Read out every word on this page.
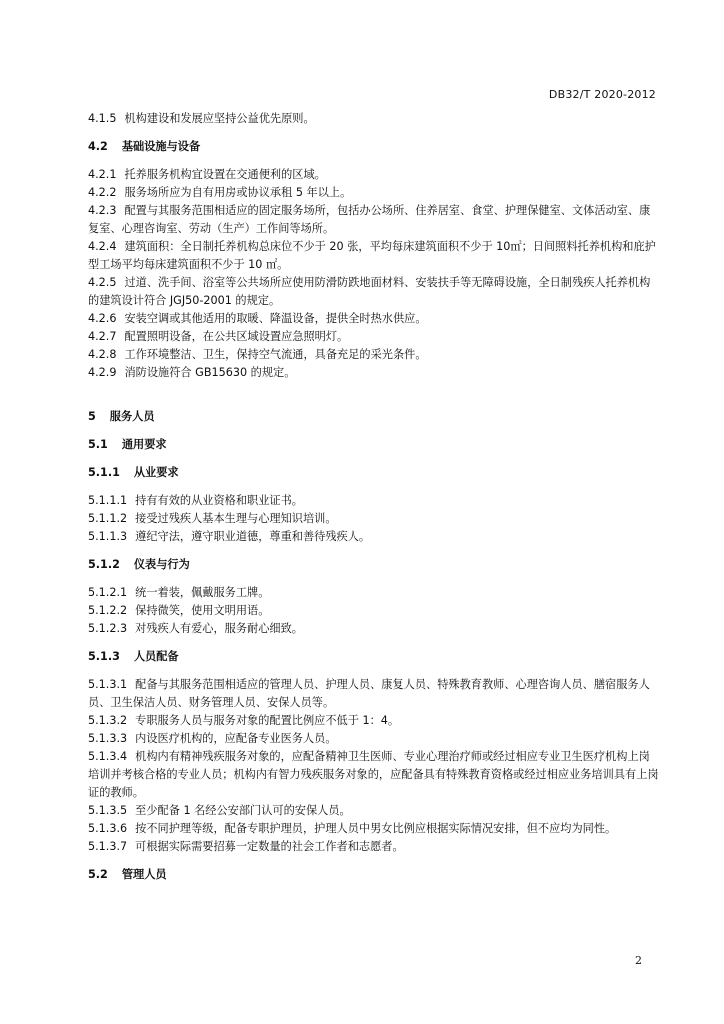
DB32/T 2020-2012
4.1.5 机构建设和发展应坚持公益优先原则。
4.2 基础设施与设备
4.2.1 托养服务机构宜设置在交通便利的区域。
4.2.2 服务场所应为自有用房或协议承租 5 年以上。
4.2.3 配置与其服务范围相适应的固定服务场所，包括办公场所、住养居室、食堂、护理保健室、文体活动室、康复室、心理咨询室、劳动（生产）工作间等场所。
4.2.4 建筑面积：全日制托养机构总床位不少于 20 张，平均每床建筑面积不少于 10㎡；日间照料托养机构和庇护型工场平均每床建筑面积不少于 10 ㎡。
4.2.5 过道、洗手间、浴室等公共场所应使用防滑防跌地面材料、安装扶手等无障碍设施，全日制残疾人托养机构的建筑设计符合 JGJ50-2001 的规定。
4.2.6 安装空调或其他适用的取暖、降温设备，提供全时热水供应。
4.2.7 配置照明设备，在公共区域设置应急照明灯。
4.2.8 工作环境整洁、卫生，保持空气流通，具备充足的采光条件。
4.2.9 消防设施符合 GB15630 的规定。
5 服务人员
5.1 通用要求
5.1.1 从业要求
5.1.1.1 持有有效的从业资格和职业证书。
5.1.1.2 接受过残疾人基本生理与心理知识培训。
5.1.1.3 遵纪守法，遵守职业道德，尊重和善待残疾人。
5.1.2 仪表与行为
5.1.2.1 统一着装，佩戴服务工牌。
5.1.2.2 保持微笑，使用文明用语。
5.1.2.3 对残疾人有爱心，服务耐心细致。
5.1.3 人员配备
5.1.3.1 配备与其服务范围相适应的管理人员、护理人员、康复人员、特殊教育教师、心理咨询人员、膳宿服务人员、卫生保洁人员、财务管理人员、安保人员等。
5.1.3.2 专职服务人员与服务对象的配置比例应不低于 1：4。
5.1.3.3 内设医疗机构的，应配备专业医务人员。
5.1.3.4 机构内有精神残疾服务对象的，应配备精神卫生医师、专业心理治疗师或经过相应专业卫生医疗机构上岗培训并考核合格的专业人员；机构内有智力残疾服务对象的，应配备具有特殊教育资格或经过相应业务培训具有上岗证的教师。
5.1.3.5 至少配备 1 名经公安部门认可的安保人员。
5.1.3.6 按不同护理等级，配备专职护理员，护理人员中男女比例应根据实际情况安排，但不应均为同性。
5.1.3.7 可根据实际需要招募一定数量的社会工作者和志愿者。
5.2 管理人员
2
